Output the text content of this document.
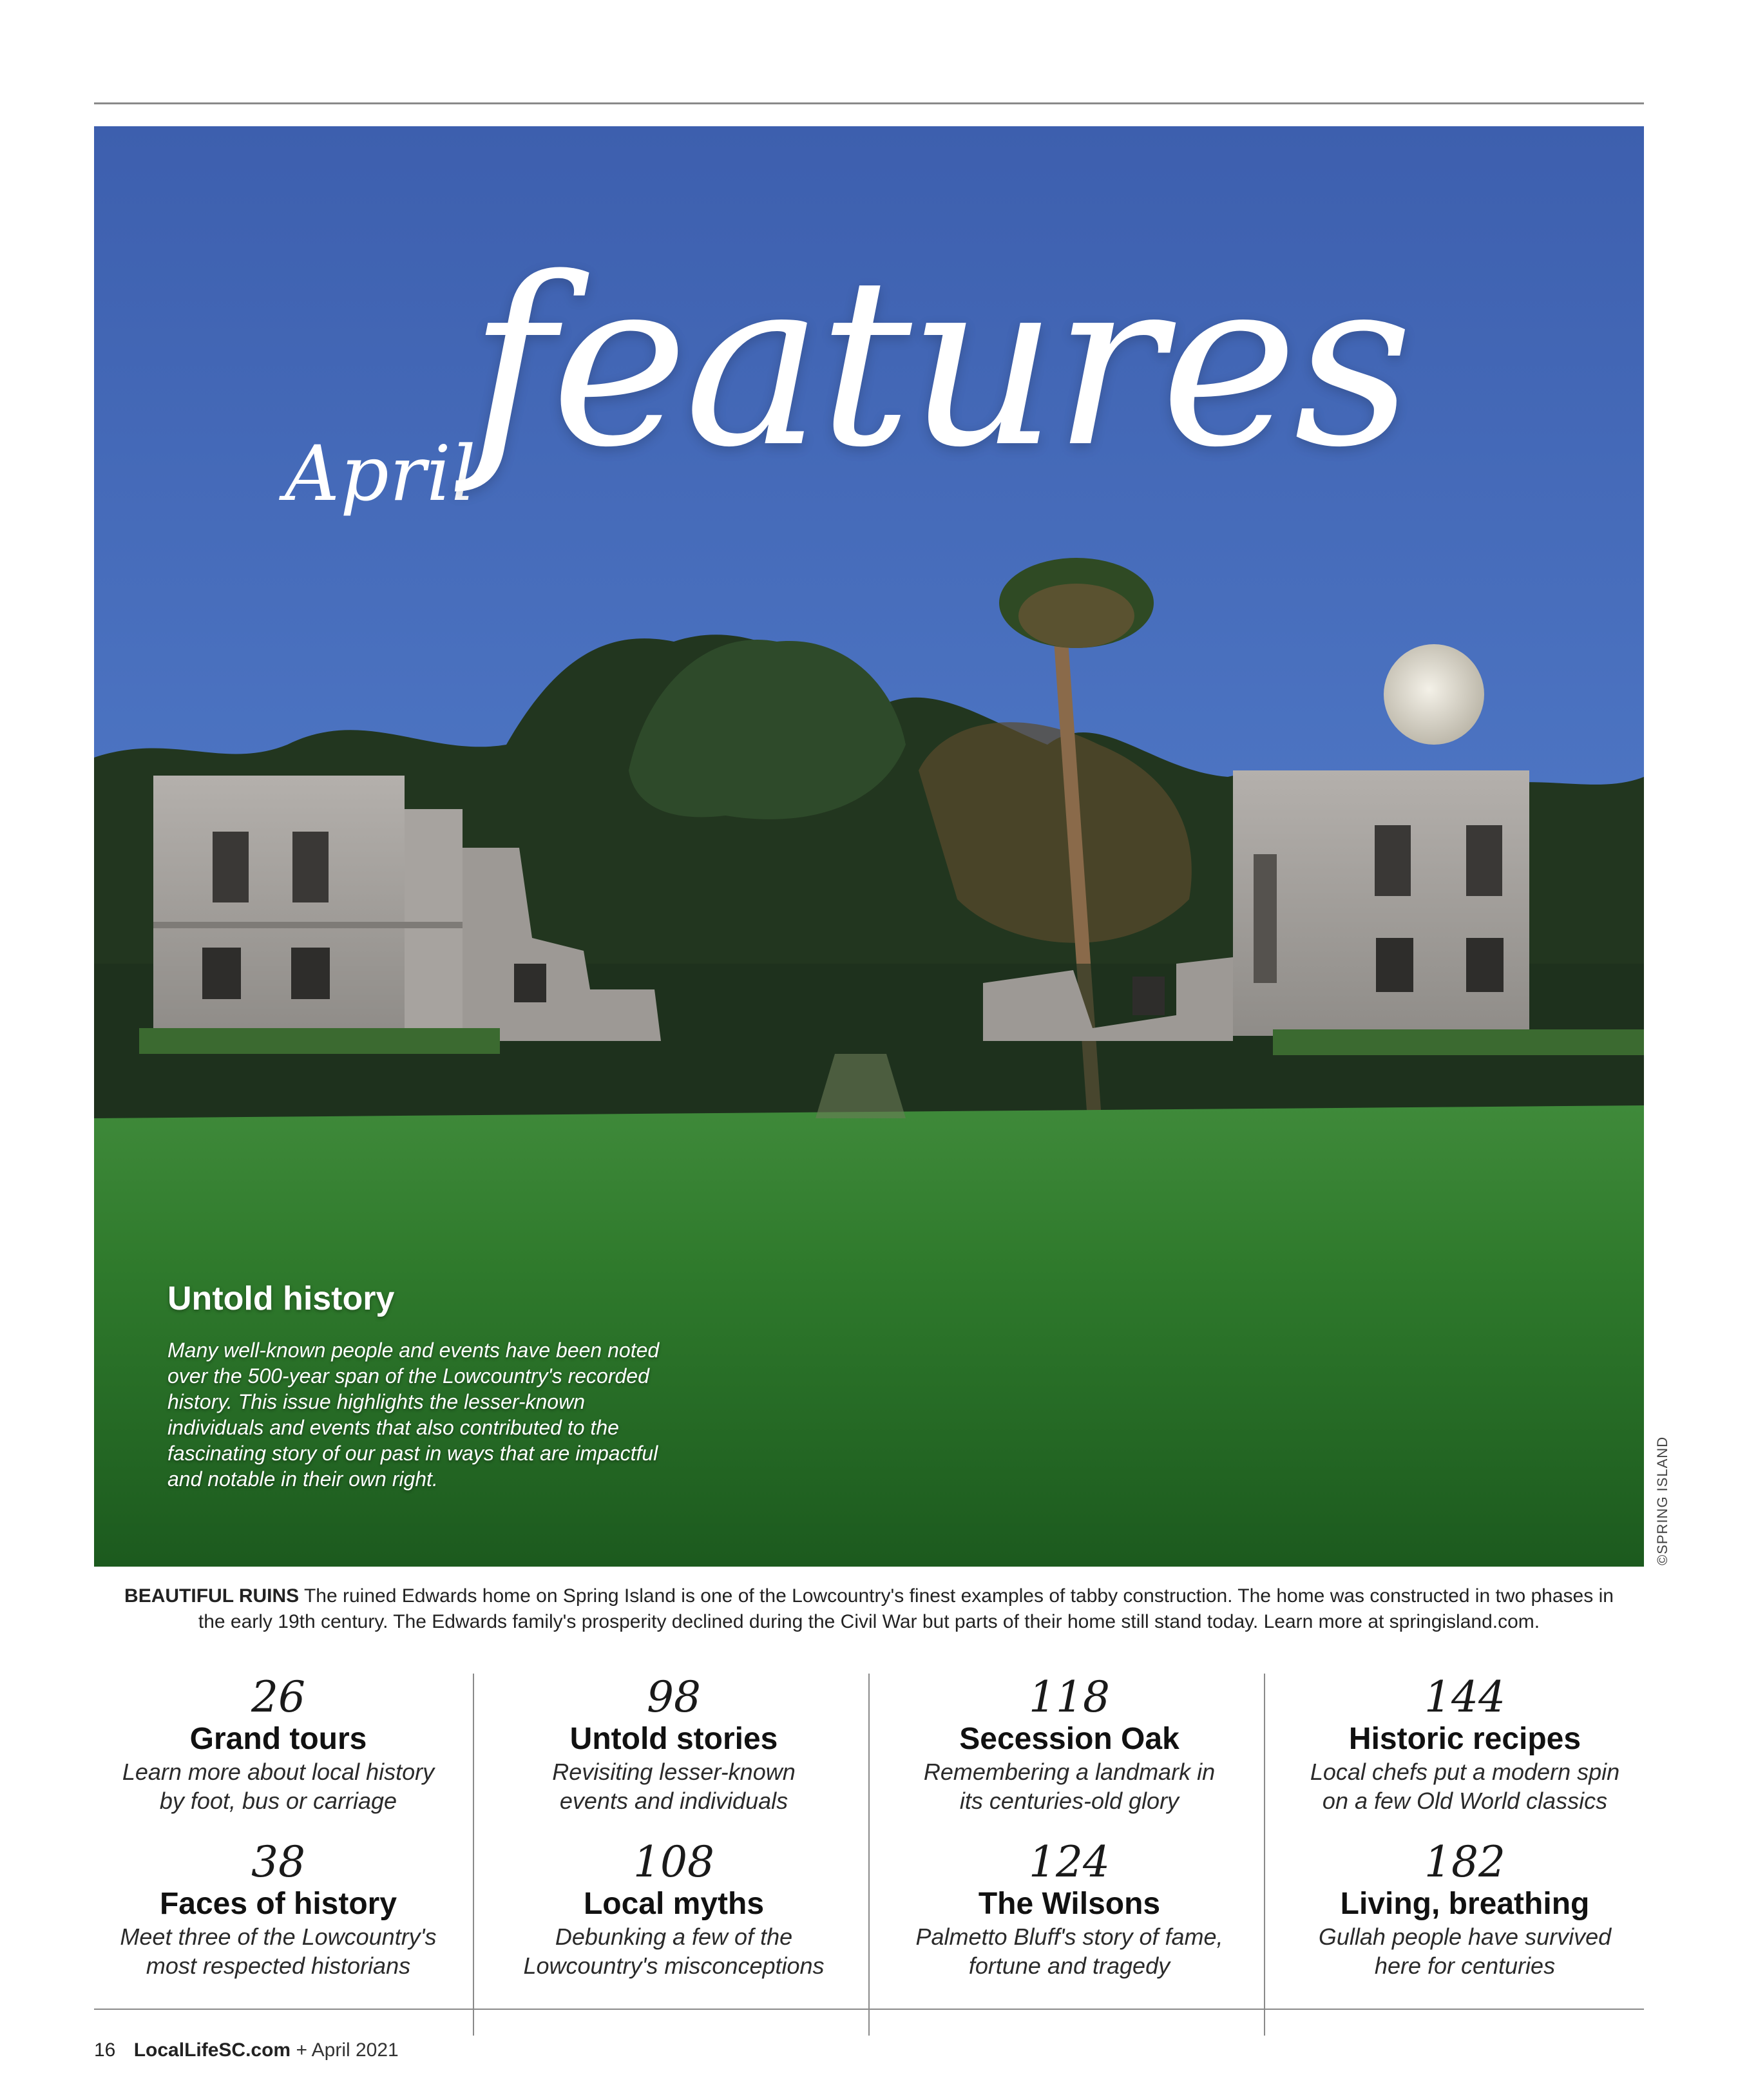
April
features
Untold history
Many well-known people and events have been noted over the 500-year span of the Lowcountry's recorded history. This issue highlights the lesser-known individuals and events that also contributed to the fascinating story of our past in ways that are impactful and notable in their own right.	©SPRING ISLAND
BEAUTIFUL RUINS The ruined Edwards home on Spring Island is one of the Lowcountry's finest examples of tabby construction. The home was constructed in two phases in the early 19th century. The Edwards family's prosperity declined during the Civil War but parts of their home still stand today. Learn more at springisland.com.
26
Grand tours
Learn more about local history
by foot, bus or carriage
98
Untold stories
Revisiting lesser-known
events and individuals
118
Secession Oak
Remembering a landmark in
its centuries-old glory
144
Historic recipes
Local chefs put a modern spin
on a few Old World classics
38
Faces of history
Meet three of the Lowcountry's
most respected historians
108
Local myths
Debunking a few of the
Lowcountry's misconceptions
124
The Wilsons
Palmetto Bluff's story of fame,
fortune and tragedy
182
Living, breathing
Gullah people have survived
here for centuries
16 LocalLifeSC.com + April 2021
